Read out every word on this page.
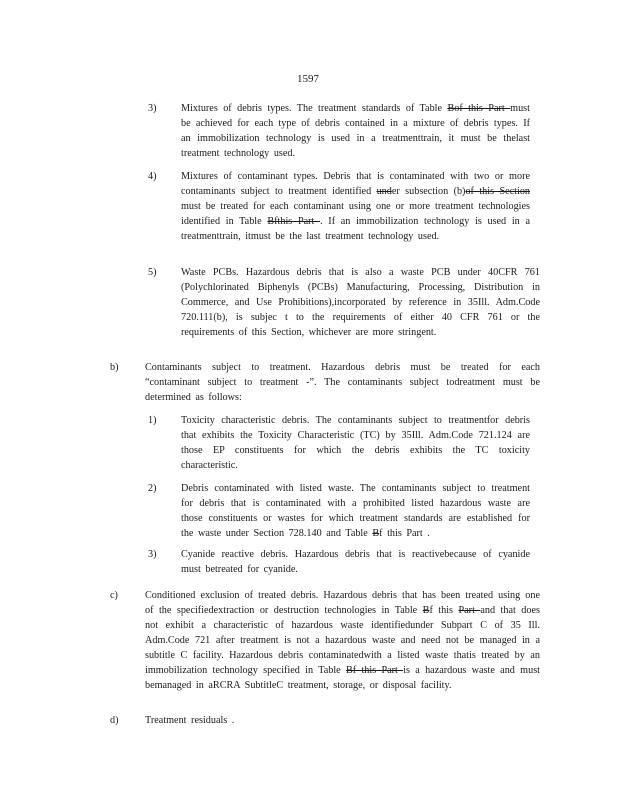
1597
3) Mixtures of debris types. The treatment standards of Table Bof this Part must be achieved for each type of debris contained in a mixture of debris types. If an immobilization technology is used in a treatmenttrain, it must be thelast treatment technology used.

4) Mixtures of contaminant types. Debris that is contaminated with two or more contaminants subject to treatment identified under subsection (b)of this Section must be treated for each contaminant using one or more treatment technologies identified in Table Bfthis Part . If an immobilization technology is used in a treatmenttrain, itmust be the last treatment technology used.

5) Waste PCBs. Hazardous debris that is also a waste PCB under 40CFR 761 (Polychlorinated Biphenyls (PCBs) Manufacturing, Processing, Distribution in Commerce, and Use Prohibitions),incorporated by reference in 35Ill. Adm.Code 720.111(b), is subjec t to the requirements of either 40 CFR 761 or the requirements of this Section, whichever are more stringent.

b)	Contaminants subject to treatment. Hazardous debris must be treated for each “contaminant subject to treatment -”. The contaminants subject todreatment must be determined as follows:

1) Toxicity characteristic debris. The contaminants subject to treatmentfor debris that exhibits the Toxicity Characteristic (TC) by 35Ill. Adm.Code 721.124 are those EP constituents for which the debris exhibits the TC toxicity characteristic.

2) Debris contaminated with listed waste. The contaminants subject to treatment for debris that is contaminated with a prohibited listed hazardous waste are those constituents or wastes for which treatment standards are established for the waste under Section 728.140 and Table Bf this Part .

3) Cyanide reactive debris. Hazardous debris that is reactivebecause of cyanide must betreated for cyanide.

c)	Conditioned exclusion of treated debris. Hazardous debris that has been treated using one of the specifiedextraction or destruction technologies in Table Bf this Part and that does not exhibit a characteristic of hazardous waste identifiedunder Subpart C of 35 Ill. Adm.Code 721 after treatment is not a hazardous waste and need not be managed in a subtitle C facility. Hazardous debris contaminatedwith a listed waste thatis treated by an immobilization technology specified in Table Bf this Part is a hazardous waste and must bemanaged in aRCRA SubtitleC treatment, storage, or disposal facility.

d)	Treatment residuals .
